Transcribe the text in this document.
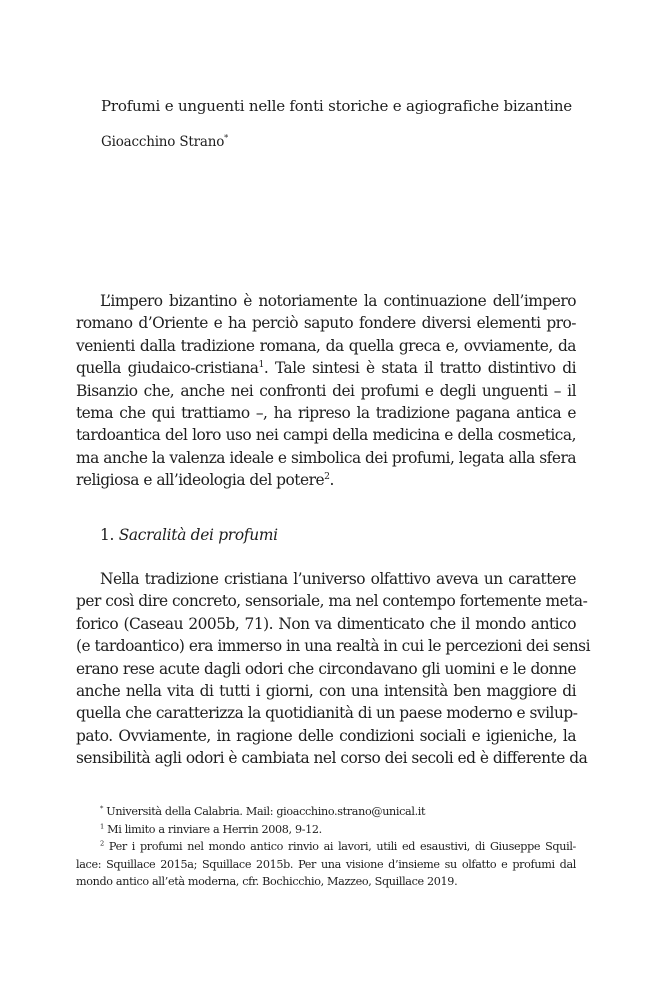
Profumi e unguenti nelle fonti storiche e agiografiche bizantine
Gioacchino Strano*
L’impero bizantino è notoriamente la continuazione dell’impero
romano d’Oriente e ha perciò saputo fondere diversi elementi pro-
venienti dalla tradizione romana, da quella greca e, ovviamente, da
quella giudaico-cristiana$^1$. Tale sintesi è stata il tratto distintivo di
Bisanzio che, anche nei confronti dei profumi e degli unguenti – il
tema che qui trattiamo –, ha ripreso la tradizione pagana antica e
tardoantica del loro uso nei campi della medicina e della cosmetica,
ma anche la valenza ideale e simbolica dei profumi, legata alla sfera
religiosa e all’ideologia del potere$^2$.
1. Sacralità dei profumi
Nella tradizione cristiana l’universo olfattivo aveva un carattere
per così dire concreto, sensoriale, ma nel contempo fortemente meta-
forico (Caseau 2005b, 71). Non va dimenticato che il mondo antico
(e tardoantico) era immerso in una realtà in cui le percezioni dei sensi
erano rese acute dagli odori che circondavano gli uomini e le donne
anche nella vita di tutti i giorni, con una intensità ben maggiore di
quella che caratterizza la quotidianità di un paese moderno e svilup-
pato. Ovviamente, in ragione delle condizioni sociali e igieniche, la
sensibilità agli odori è cambiata nel corso dei secoli ed è differente da
* Università della Calabria. Mail: gioacchino.strano@unical.it
$^1$ Mi limito a rinviare a Herrin 2008, 9-12.
$^2$ Per i profumi nel mondo antico rinvio ai lavori, utili ed esaustivi, di Giuseppe Squil-
lace: Squillace 2015a; Squillace 2015b. Per una visione d’insieme su olfatto e profumi dal
mondo antico all’età moderna, cfr. Bochicchio, Mazzeo, Squillace 2019.
